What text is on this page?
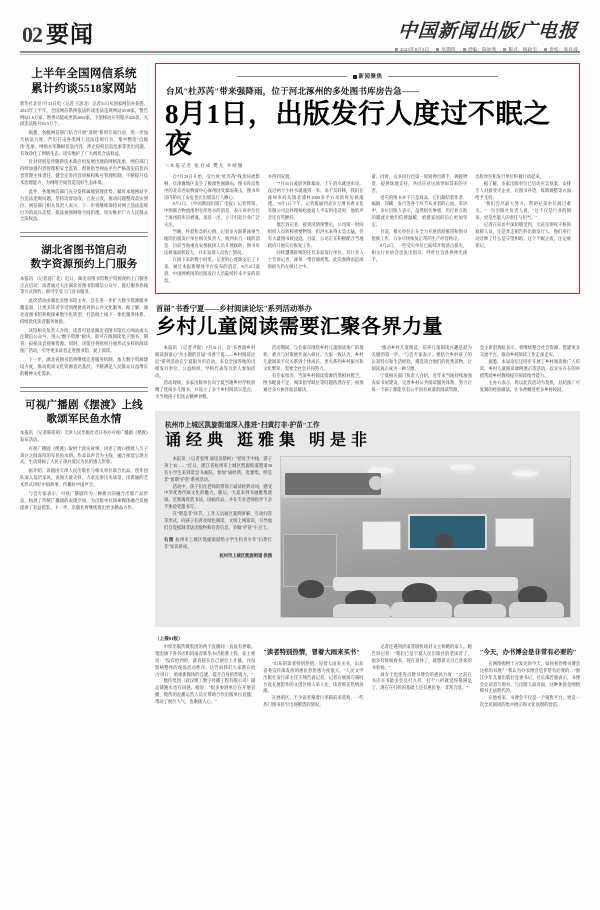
02 要闻	中国新闻出版广电报
2023年8月3日	星期四	责编：陈妙然	版式：杨政宏	责校：张良波
上半年全国网信系统
累计约谈5518家网站
新华社北京7月31日电（记者 王思北）记者31日从国家网信办获悉，2023年上半年，全国网信系统依法约谈违法违规网站5518家，警告网站1.6万家，暂停功能或更新2692家，下架移动应用程序420款，关闭违法账号83.5万个。
据悉，各级网信部门结合开展"清朗"系列专项行动，进一步加大执法力度，严厉打击各类网上违法违规行为，集中整治"自媒体"乱象、网络水军操纵信息内容、涉企侵权信息乱象等突出问题，有效净化了网络生态，切实维护了广大网民合法权益。
针对特别是伴随新技术新应用发展出现的网络乱象，网信部门持续加强内容管理和安全监管，督促指导网站平台严格落实信息内容管理主体责任，健全完善内容审核和账号管理机制，不断提升技术治理能力，为网络空间营造良好生态环境。
此外，各地网信部门充分发挥属地管理优势，紧盯本地网站平台违法违规问题，坚持边督边改、立查立改，推动问题整改落实到位。网信部门相关负责人表示，下一步将继续保持对网上违法违规行为的高压态势，依法加强网络空间治理，切实维护广大人民群众合法权益。
湖北省图书馆启动
数字资源预约上门服务
本报讯 （记者汤广花）近日，湖北省图书馆数字资源预约上门服务正式启动，读者通过关注湖北省图书馆微信公众号、拨打服务热线等方式预约，即可享受上门送书服务。
此次活动由湖北省图书馆主办，旨在进一步扩大数字资源服务覆盖面，让更多读者享受到便捷高效的公共文化服务。据了解，湖北省图书馆积极探索数字化转型，打造线上线下一体化服务体系，持续优化读者服务体验。
该馆相关负责人介绍，读者可登录湖北省图书馆官方网站或关注微信公众号，进入"数字资源"板块，即可在线阅读电子图书、期刊、报纸及音视频资源。同时，该馆还将组织开展形式多样的阅读推广活动，引导更多读者走进图书馆、爱上阅读。
下一步，湖北省图书馆将继续完善服务机制，加大数字资源建设力度，推动优质文化资源直达基层，不断满足人民群众日益增长的精神文化需求。
可视广播剧《摆渡》上线
歌颂军民鱼水情
本报讯 （记者韩萌萌）天津人民出版社近日举办可视广播剧《摆渡》发布活动。
可视广播剧《摆渡》取材于真实故事，讲述了渡口摆渡人与子弟兵之间深厚的军民鱼水情。作品以声音为主线，融合视觉呈现方式，生动刻画了人民子弟兵爱民为民的感人形象。
据介绍，该剧由天津人民出版社与相关单位联合出品，创作团队深入基层采风，查阅大量史料，力求还原历史场景，用新颖的艺术形式讲好中国故事、传播好中国声音。
与会专家表示，可视广播剧作为一种新兴的融合出版产品形态，拓展了传统广播剧的表现空间，为出版单位探索媒体融合发展提供了有益借鉴。下一步，出版社将继续推出更多精品力作。
新闻聚焦
台风"杜苏芮"带来强降雨，位于河北涿州的多处图书库房告急——
8月1日，出版发行人度过不眠之夜
□本报记者 张君成 樊凡 李婧璇
自7月29日开始，受台风"杜苏芮"残余环流影响，京津冀地区发生了极端性强降雨。图书库房集中的北京西南物流中心涿州园受暴雨袭击，图书库房内的员工安危也让出版发行人揪心。
8月1日，《中国新闻出版广电报》记者得知，中图联合物流涿州仓库进水的消息，表示该单位位于涿州的库房被淹，消息一出，立马引起行业广泛关注。
当晚，怀着焦急的心情，记者多方联系涿州当地的出版发行单位相关负责人，收到来自一线的消息：目前当地重点安排救援人员开展救助，图书库房被淹面积较大，并未发现人员伤亡情况。
在接下来的数小时里，记者的心逐渐安定了下来。通过本报新媒体平台发布的消息，8月2日凌晨，中国网被困的出版发行人员陆续传来平安的消息。
并得到安置。
"7月31日凌晨突降暴雨，上午消水就进库房，没过两个小时水就淹到一米。来不及转移，我们在涿州市码头镇北浦村2000多平方米的库房被淹透。"8月1日下午，记者拨通到北京万博书香文化有限公司总经理杨松波爱人平安的电话时，他的声音还有些颤抖。
他告诉记者，接到汛情预警后，公司第一时间组织人员转移重要物资，但洪水来得太急太猛，仍有大量图书被浸泡。目前，公司正在积极配合当地政府开展灾后恢复工作。
同样遭遇险情的还有多家发行单位。有行业人士告诉记者，涿州一带仓储密集，此次强降雨造成的损失仍在统计之中。
量。同时，众多同行也第一时间伸出援手，调拨物资、提供场地支持，共同应对这场突如其来的灾害。
受灾的图书并不只是商品，它们凝结着作者、编辑、印刷、发行等各个环节从业者的心血。采访中，多位出版人表示，虽然损失惨重，但行业互助的暖流让他们倍感温暖，重建家园的信心更加坚定。
目前，相关单位正在全力开展清淤排涝和图书抢救工作，力争尽快恢复正常的生产经营秩序。
8月2日，一些受灾单位已陆续开始清点损失，相关行业协会也发出倡议，呼吁社会各界伸出援手。
出版单位和发行单位积极行动起来。
据了解，多家出版单位已启动应急预案，安排专人对接受灾企业，在图书补货、账期调整等方面给予支持。
"我们会尽最大努力，帮助兄弟单位渡过难关。"一位出版社负责人说，"这不仅是行业的情谊，更是出版人的责任与担当。"
记者在采访中深切感受到，无论是彻夜守候的救援人员，还是奔走相告的出版发行人，他们用行动诠释了什么是守望相助。这个不眠之夜，注定被铭记。
首届"书香宁夏——乡村阅读论坛"系列活动举办
乡村儿童阅读需要汇聚各界力量
本报讯 （记者尹琨）7月31日，以"书香润乡村 阅读润童心"为主题的首届"书香宁夏——乡村阅读论坛"系列活动在宁夏银川市启动。来自全国各地的出版发行单位、公益组织、学校代表等百余人参加活动。
活动现场，多家出版单位向宁夏当地乡村学校捐赠了优质少儿图书，并设立了多个乡村阅读示范点，为当地孩子们送去精神食粮。
活动期间，与会嘉宾围绕乡村儿童阅读推广的现状、难点与对策展开深入研讨。大家一致认为，乡村儿童阅读不仅关系到个体成长，更关系到乡村振兴和文化繁荣，需要全社会共同努力。
有专家指出，当前乡村阅读资源仍然相对匮乏，图书配备不足、阅读指导缺位等问题依然存在，亟须通过多方协作加以解决。
"推动乡村儿童阅读，培养儿童阅读兴趣是最为关键的第一步。"与会专家表示，要结合乡村孩子的认知特点和生活经验，遴选适合他们的优秀读物，让阅读真正成为一种习惯。
宁夏相关部门负责人介绍，近年来当地持续加强农家书屋建设，完善乡村公共阅读服务体系，努力让每一个孩子都能享有公平而有质量的阅读资源。
会主席赵海虹表示，将继续整合社会资源，搭建更多交流平台，推动乡村阅读工作走深走实。
据悉，本届论坛还同步开展了乡村阅读推广人培训、乡村儿童阅读课例展示等活动，以实实在在的举措帮助乡村教师提升阅读指导能力。
主办方表示，将以此次活动为契机，总结推广可复制的经验做法，让书香飘进更多乡村校园。
杭州市上城区凯旋街道深入推进"扫黄打非·护苗"工作
诵经典 逛雅集 明是非
本报讯 （记者张博 通讯员蔡柯）"慈母手中线，游子身上衣……"近日，浙江省杭州市上城区凯旋街道邀请30名小学生来到景昙书画院，参加"诵经典，逛雅集，明是非"暑期"护苗"系列活动。
活动中，孩子们在老师的带领下诵读经典诗词，感受中华优秀传统文化的魅力。随后，大家来到书画雅集现场，近距离欣赏书法、国画作品，并在专业老师指导下亲手体验笔墨书写。
在"明是非"环节，工作人员通过案例讲解、互动问答等形式，向孩子们普及绿色阅读、文明上网知识，引导他们自觉抵制非法出版物和有害信息，争做"护苗"小卫士。
右图 杭州市上城区凯旋街道给小学生和青少年"扫黄打非"知识讲座。
杭州市上城区凯旋街道 供图
（上接01版）
中原出版传媒集团的两个直播间一直没有停歇。集团旗下各书店和河南省新华书店轮番上阵，张士密说："没有抢到的，就直接在自己展位上开播，并没影响整体的现场活动秩序。这告诉我们大家都在抢占'风口'，重视新媒体的自建，提升自身的营销力。"
数传集团（武汉理工数字传播工程有限公司）副总裁姚水也有同感。她说："很多参展单位在开展直播，数传的直播运营人员在帮助合作出版单位直播，带动了展位人气，也聚拢人心。"
"读者特别热情，冒着大雨来买书"
"山东的读者特别热情，冒着大雨来买书，山东省委宣传部发放的惠民券优惠力度很大。"人民文学出版社发行部主任王翔告诉记者，记者在展场巧遇时台设在展馆外的文创区域人来人往，读者购买热情高涨。
在展销区，不少读者拖着行李箱前来选购，一些热门图书甚至出现断货的情况。
记者还遇到济南遥墙机场对文主和她的家人。她告诉记者："我们已是宁夏人民出版社的老读者了，很多有时间看书，现在退休了，就想着买自己喜欢的书看看。"
刘女士也连连点赞书博会的惠民力度："之前在书店买书最多会员打九折，打个八折就觉得很满足了，现在在打折的基础上还有惠民卷，非常合适。"
"今天，办书博会是非常有必要的"
在网络购物十分发达的今天，如何看待像书博会这样的书展？"我认为办书博会是非常有必要的。"浙江少年儿童出版社党委书记、社长邵若愚表示，书博会让读者与图书、与出版人面对面，这种体验是网络购书无法替代的。
在他看来，书博会不仅是一个销售平台，更是一次全民阅读的集中展示和文化氛围的营造。
